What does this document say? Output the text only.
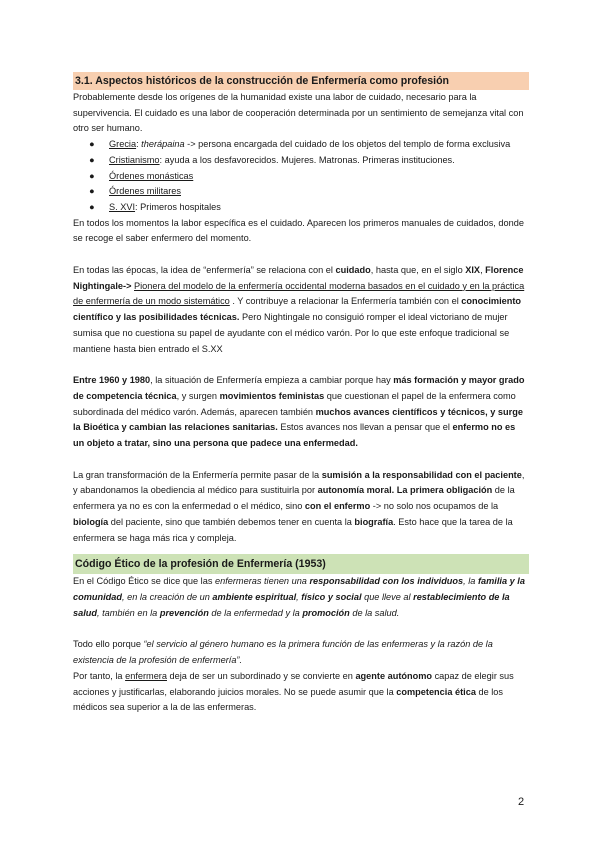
3.1. Aspectos históricos de la construcción de Enfermería como profesión

Probablemente desde los orígenes de la humanidad existe una labor de cuidado, necesario para la supervivencia. El cuidado es una labor de cooperación determinada por un sentimiento de semejanza vital con otro ser humano.

● Grecia: therápaina -> persona encargada del cuidado de los objetos del templo de forma exclusiva
● Cristianismo: ayuda a los desfavorecidos. Mujeres. Matronas. Primeras instituciones.
● Órdenes monásticas
● Órdenes militares
● S. XVI: Primeros hospitales

En todos los momentos la labor específica es el cuidado. Aparecen los primeros manuales de cuidados, donde se recoge el saber enfermero del momento.

En todas las épocas, la idea de “enfermería” se relaciona con el cuidado, hasta que, en el siglo XIX, Florence Nightingale-> Pionera del modelo de la enfermería occidental moderna basados en el cuidado y en la práctica de enfermería de un modo sistemático . Y contribuye a relacionar la Enfermería también con el conocimiento científico y las posibilidades técnicas. Pero Nightingale no consiguió romper el ideal victoriano de mujer sumisa que no cuestiona su papel de ayudante con el médico varón. Por lo que este enfoque tradicional se mantiene hasta bien entrado el S.XX

Entre 1960 y 1980, la situación de Enfermería empieza a cambiar porque hay más formación y mayor grado de competencia técnica, y surgen movimientos feministas que cuestionan el papel de la enfermera como subordinada del médico varón. Además, aparecen también muchos avances científicos y técnicos, y surge la Bioética y cambian las relaciones sanitarias. Estos avances nos llevan a pensar que el enfermo no es un objeto a tratar, sino una persona que padece una enfermedad.

La gran transformación de la Enfermería permite pasar de la sumisión a la responsabilidad con el paciente, y abandonamos la obediencia al médico para sustituirla por autonomía moral. La primera obligación de la enfermera ya no es con la enfermedad o el médico, sino con el enfermo -> no solo nos ocupamos de la biología del paciente, sino que también debemos tener en cuenta la biografía. Esto hace que la tarea de la enfermera se haga más rica y compleja.

Código Ético de la profesión de Enfermería (1953)

En el Código Ético se dice que las enfermeras tienen una responsabilidad con los individuos, la familia y la comunidad, en la creación de un ambiente espiritual, físico y social que lleve al restablecimiento de la salud, también en la prevención de la enfermedad y la promoción de la salud.

Todo ello porque “el servicio al género humano es la primera función de las enfermeras y la razón de la existencia de la profesión de enfermería”.

Por tanto, la enfermera deja de ser un subordinado y se convierte en agente autónomo capaz de elegir sus acciones y justificarlas, elaborando juicios morales. No se puede asumir que la competencia ética de los médicos sea superior a la de las enfermeras.

2
